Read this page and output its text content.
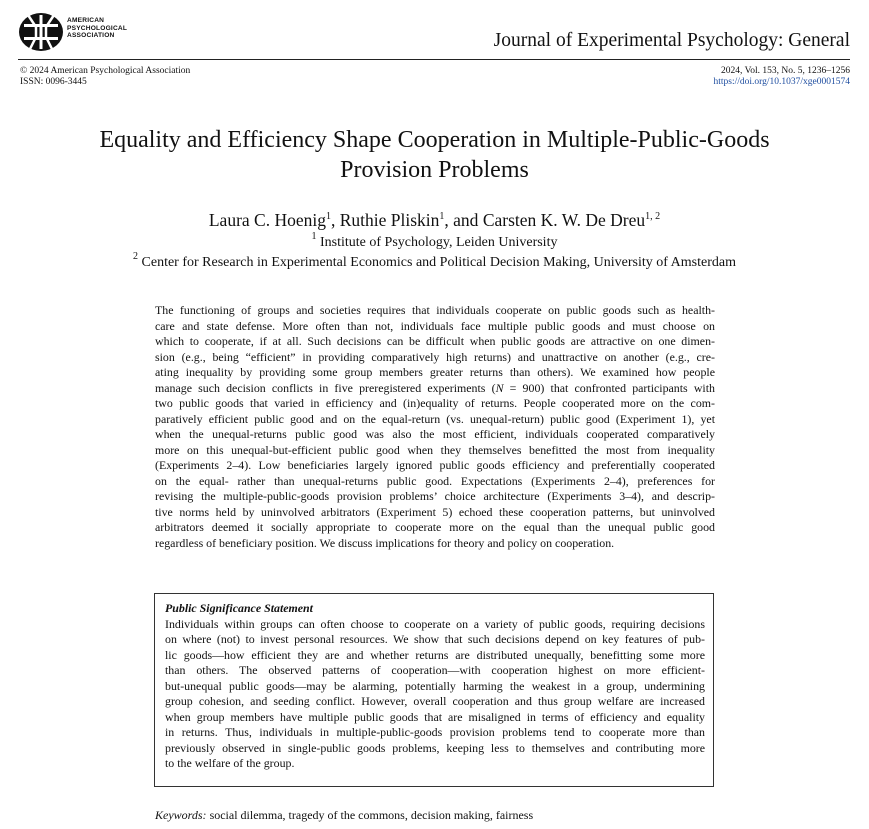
AMERICAN
PSYCHOLOGICAL
ASSOCIATION	Journal of Experimental Psychology: General
© 2024 American Psychological Association
ISSN: 0096-3445
2024, Vol. 153, No. 5, 1236–1256
https://doi.org/10.1037/xge0001574
Equality and Efficiency Shape Cooperation in Multiple-Public-Goods
Provision Problems
Laura C. Hoenig$^1$, Ruthie Pliskin$^1$, and Carsten K. W. De Dreu$^{1, 2}$
$^1$ Institute of Psychology, Leiden University
$^2$ Center for Research in Experimental Economics and Political Decision Making, University of Amsterdam
The functioning of groups and societies requires that individuals cooperate on public goods such as health-
care and state defense. More often than not, individuals face multiple public goods and must choose on
which to cooperate, if at all. Such decisions can be difficult when public goods are attractive on one dimen-
sion (e.g., being “efficient” in providing comparatively high returns) and unattractive on another (e.g., cre-
ating inequality by providing some group members greater returns than others). We examined how people
manage such decision conflicts in five preregistered experiments (N = 900) that confronted participants with
two public goods that varied in efficiency and (in)equality of returns. People cooperated more on the com-
paratively efficient public good and on the equal-return (vs. unequal-return) public good (Experiment 1), yet
when the unequal-returns public good was also the most efficient, individuals cooperated comparatively
more on this unequal-but-efficient public good when they themselves benefitted the most from inequality
(Experiments 2–4). Low beneficiaries largely ignored public goods efficiency and preferentially cooperated
on the equal- rather than unequal-returns public good. Expectations (Experiments 2–4), preferences for
revising the multiple-public-goods provision problems’ choice architecture (Experiments 3–4), and descrip-
tive norms held by uninvolved arbitrators (Experiment 5) echoed these cooperation patterns, but uninvolved
arbitrators deemed it socially appropriate to cooperate more on the equal than the unequal public good
regardless of beneficiary position. We discuss implications for theory and policy on cooperation.
Public Significance Statement
Individuals within groups can often choose to cooperate on a variety of public goods, requiring decisions
on where (not) to invest personal resources. We show that such decisions depend on key features of pub-
lic goods—how efficient they are and whether returns are distributed unequally, benefitting some more
than others. The observed patterns of cooperation—with cooperation highest on more efficient-
but-unequal public goods—may be alarming, potentially harming the weakest in a group, undermining
group cohesion, and seeding conflict. However, overall cooperation and thus group welfare are increased
when group members have multiple public goods that are misaligned in terms of efficiency and equality
in returns. Thus, individuals in multiple-public-goods provision problems tend to cooperate more than
previously observed in single-public goods problems, keeping less to themselves and contributing more
to the welfare of the group.
Keywords: social dilemma, tragedy of the commons, decision making, fairness
